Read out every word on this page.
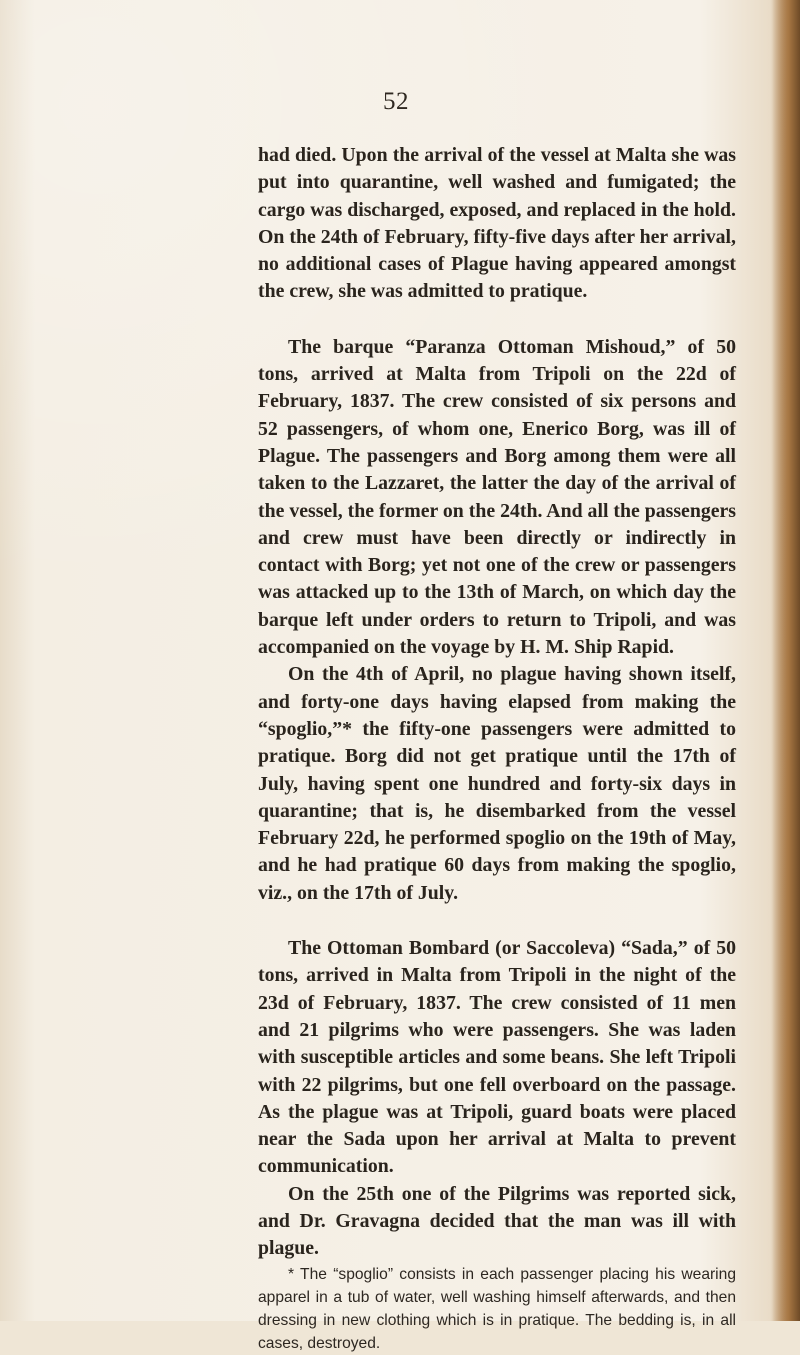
52

had died. Upon the arrival of the vessel at Malta she was put into quarantine, well washed and fumigated; the cargo was discharged, exposed, and replaced in the hold. On the 24th of February, fifty-five days after her arrival, no additional cases of Plague having appeared amongst the crew, she was admitted to pratique.

The barque “Paranza Ottoman Mishoud,” of 50 tons, arrived at Malta from Tripoli on the 22d of February, 1837. The crew consisted of six persons and 52 passengers, of whom one, Enerico Borg, was ill of Plague. The passengers and Borg among them were all taken to the Lazzaret, the latter the day of the arrival of the vessel, the former on the 24th. And all the passengers and crew must have been directly or indirectly in contact with Borg; yet not one of the crew or passengers was attacked up to the 13th of March, on which day the barque left under orders to return to Tripoli, and was accompanied on the voyage by H. M. Ship Rapid.

On the 4th of April, no plague having shown itself, and forty-one days having elapsed from making the “spoglio,”* the fifty-one passengers were admitted to pratique. Borg did not get pratique until the 17th of July, having spent one hundred and forty-six days in quarantine; that is, he disembarked from the vessel February 22d, he performed spoglio on the 19th of May, and he had pratique 60 days from making the spoglio, viz., on the 17th of July.

The Ottoman Bombard (or Saccoleva) “Sada,” of 50 tons, arrived in Malta from Tripoli in the night of the 23d of February, 1837. The crew consisted of 11 men and 21 pilgrims who were passengers. She was laden with susceptible articles and some beans. She left Tripoli with 22 pilgrims, but one fell overboard on the passage. As the plague was at Tripoli, guard boats were placed near the Sada upon her arrival at Malta to prevent communication.

On the 25th one of the Pilgrims was reported sick, and Dr. Gravagna decided that the man was ill with plague.

* The “spoglio” consists in each passenger placing his wearing apparel in a tub of water, well washing himself afterwards, and then dressing in new clothing which is in pratique. The bedding is, in all cases, destroyed.
